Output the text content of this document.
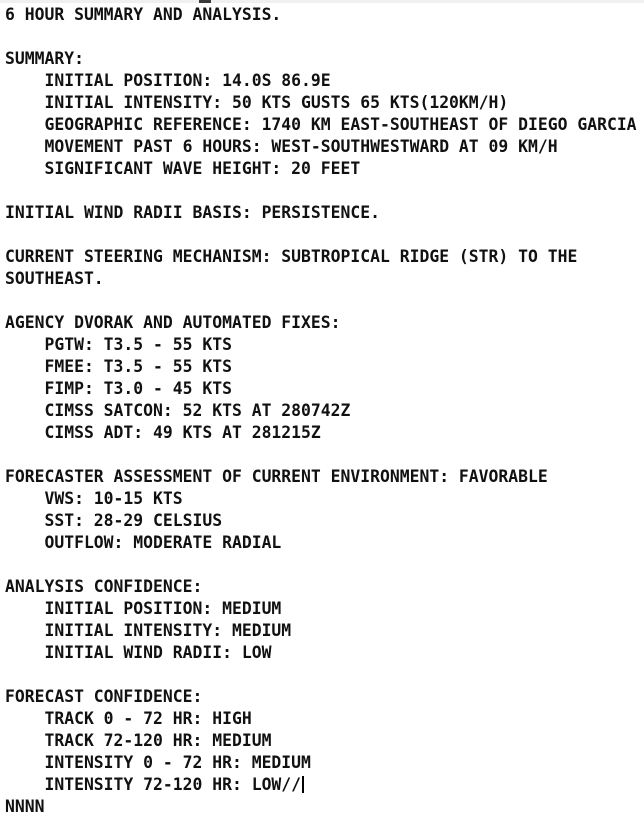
6 HOUR SUMMARY AND ANALYSIS.
SUMMARY:
INITIAL POSITION: 14.0S 86.9E
INITIAL INTENSITY: 50 KTS GUSTS 65 KTS(120KM/H)
GEOGRAPHIC REFERENCE: 1740 KM EAST-SOUTHEAST OF DIEGO GARCIA
MOVEMENT PAST 6 HOURS: WEST-SOUTHWESTWARD AT 09 KM/H
SIGNIFICANT WAVE HEIGHT: 20 FEET
INITIAL WIND RADII BASIS: PERSISTENCE.
CURRENT STEERING MECHANISM: SUBTROPICAL RIDGE (STR) TO THE
SOUTHEAST.
AGENCY DVORAK AND AUTOMATED FIXES:
PGTW: T3.5 - 55 KTS
FMEE: T3.5 - 55 KTS
FIMP: T3.0 - 45 KTS
CIMSS SATCON: 52 KTS AT 280742Z
CIMSS ADT: 49 KTS AT 281215Z
FORECASTER ASSESSMENT OF CURRENT ENVIRONMENT: FAVORABLE
VWS: 10-15 KTS
SST: 28-29 CELSIUS
OUTFLOW: MODERATE RADIAL
ANALYSIS CONFIDENCE:
INITIAL POSITION: MEDIUM
INITIAL INTENSITY: MEDIUM
INITIAL WIND RADII: LOW
FORECAST CONFIDENCE:
TRACK 0 - 72 HR: HIGH
TRACK 72-120 HR: MEDIUM
INTENSITY 0 - 72 HR: MEDIUM
INTENSITY 72-120 HR: LOW//
NNNN
